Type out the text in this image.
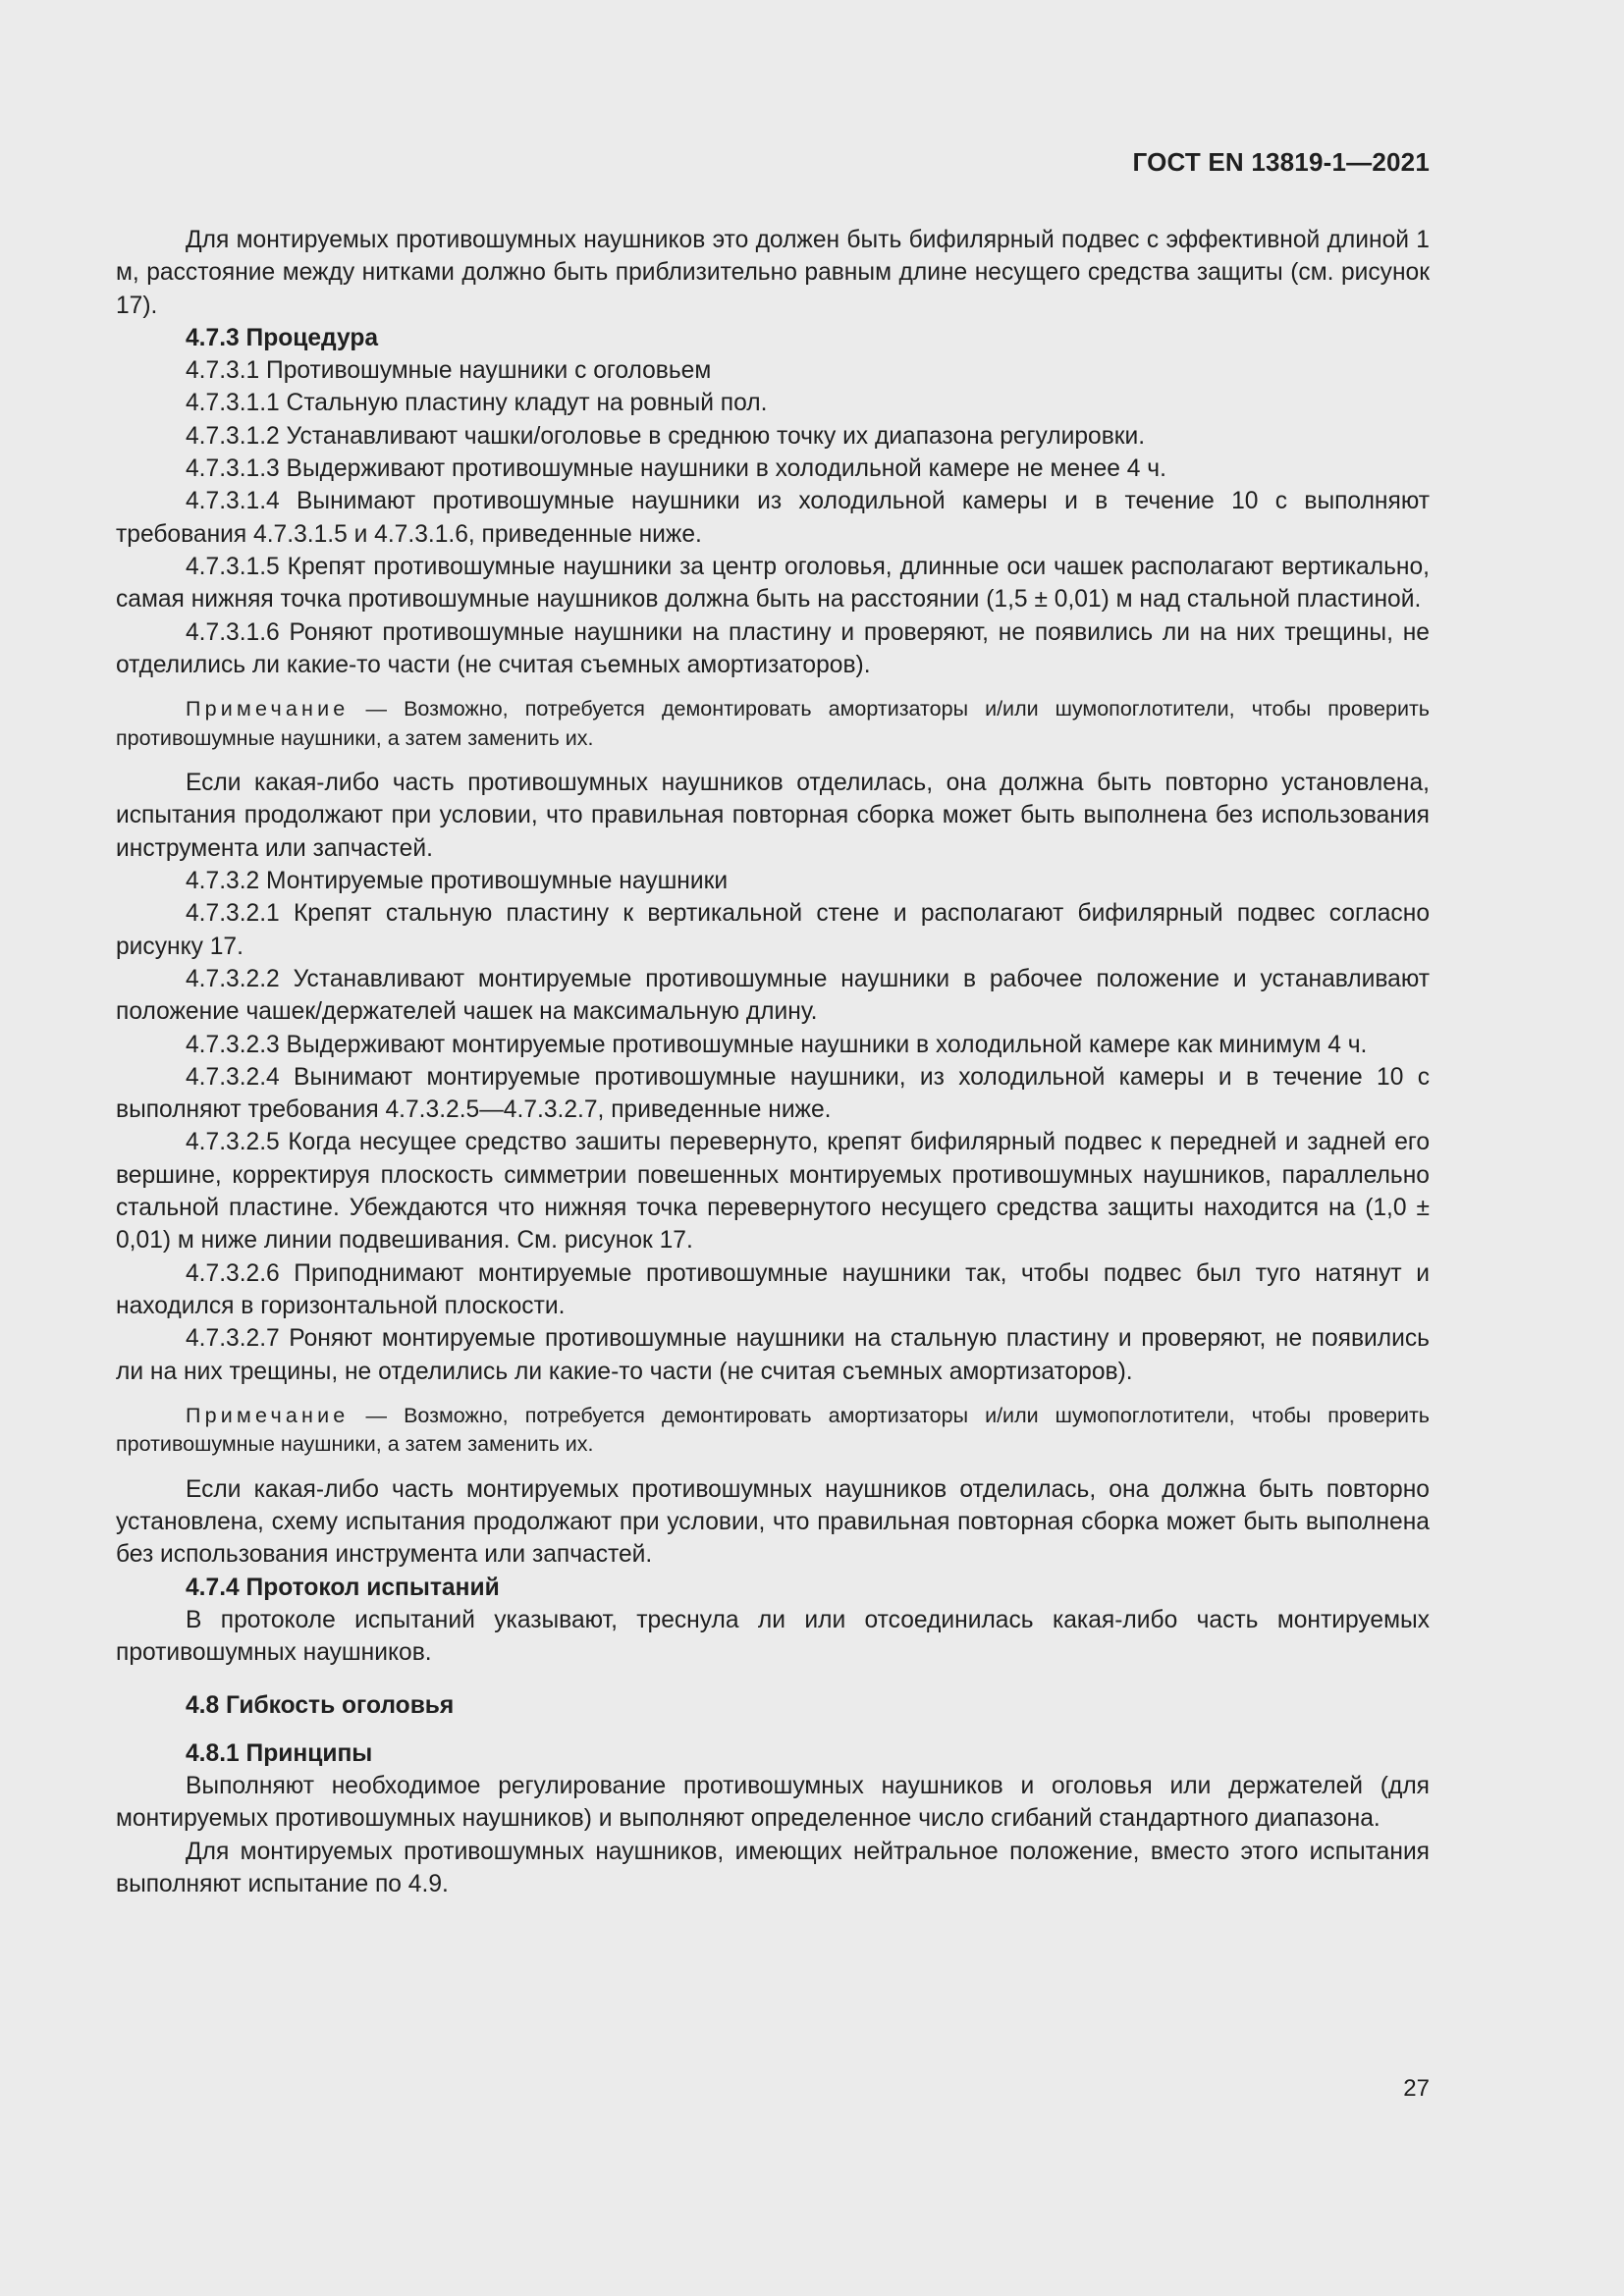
ГОСТ EN 13819-1—2021

Для монтируемых противошумных наушников это должен быть бифилярный подвес с эффективной длиной 1 м, расстояние между нитками должно быть приблизительно равным длине несущего средства защиты (см. рисунок 17).

4.7.3 Процедура

4.7.3.1 Противошумные наушники с оголовьем

4.7.3.1.1 Стальную пластину кладут на ровный пол.

4.7.3.1.2 Устанавливают чашки/оголовье в среднюю точку их диапазона регулировки.

4.7.3.1.3 Выдерживают противошумные наушники в холодильной камере не менее 4 ч.

4.7.3.1.4 Вынимают противошумные наушники из холодильной камеры и в течение 10 с выполняют требования 4.7.3.1.5 и 4.7.3.1.6, приведенные ниже.

4.7.3.1.5 Крепят противошумные наушники за центр оголовья, длинные оси чашек располагают вертикально, самая нижняя точка противошумные наушников должна быть на расстоянии (1,5 ± 0,01) м над стальной пластиной.

4.7.3.1.6 Роняют противошумные наушники на пластину и проверяют, не появились ли на них трещины, не отделились ли какие-то части (не считая съемных амортизаторов).

Примечание — Возможно, потребуется демонтировать амортизаторы и/или шумопоглотители, чтобы проверить противошумные наушники, а затем заменить их.

Если какая-либо часть противошумных наушников отделилась, она должна быть повторно установлена, испытания продолжают при условии, что правильная повторная сборка может быть выполнена без использования инструмента или запчастей.

4.7.3.2 Монтируемые противошумные наушники

4.7.3.2.1 Крепят стальную пластину к вертикальной стене и располагают бифилярный подвес согласно рисунку 17.

4.7.3.2.2 Устанавливают монтируемые противошумные наушники в рабочее положение и устанавливают положение чашек/держателей чашек на максимальную длину.

4.7.3.2.3 Выдерживают монтируемые противошумные наушники в холодильной камере как минимум 4 ч.

4.7.3.2.4 Вынимают монтируемые противошумные наушники, из холодильной камеры и в течение 10 с выполняют требования 4.7.3.2.5—4.7.3.2.7, приведенные ниже.

4.7.3.2.5 Когда несущее средство зашиты перевернуто, крепят бифилярный подвес к передней и задней его вершине, корректируя плоскость симметрии повешенных монтируемых противошумных наушников, параллельно стальной пластине. Убеждаются что нижняя точка перевернутого несущего средства защиты находится на (1,0 ± 0,01) м ниже линии подвешивания. См. рисунок 17.

4.7.3.2.6 Приподнимают монтируемые противошумные наушники так, чтобы подвес был туго натянут и находился в горизонтальной плоскости.

4.7.3.2.7 Роняют монтируемые противошумные наушники на стальную пластину и проверяют, не появились ли на них трещины, не отделились ли какие-то части (не считая съемных амортизаторов).

Примечание — Возможно, потребуется демонтировать амортизаторы и/или шумопоглотители, чтобы проверить противошумные наушники, а затем заменить их.

Если какая-либо часть монтируемых противошумных наушников отделилась, она должна быть повторно установлена, схему испытания продолжают при условии, что правильная повторная сборка может быть выполнена без использования инструмента или запчастей.

4.7.4 Протокол испытаний

В протоколе испытаний указывают, треснула ли или отсоединилась какая-либо часть монтируемых противошумных наушников.

4.8 Гибкость оголовья

4.8.1 Принципы

Выполняют необходимое регулирование противошумных наушников и оголовья или держателей (для монтируемых противошумных наушников) и выполняют определенное число сгибаний стандартного диапазона.

Для монтируемых противошумных наушников, имеющих нейтральное положение, вместо этого испытания выполняют испытание по 4.9.

27
